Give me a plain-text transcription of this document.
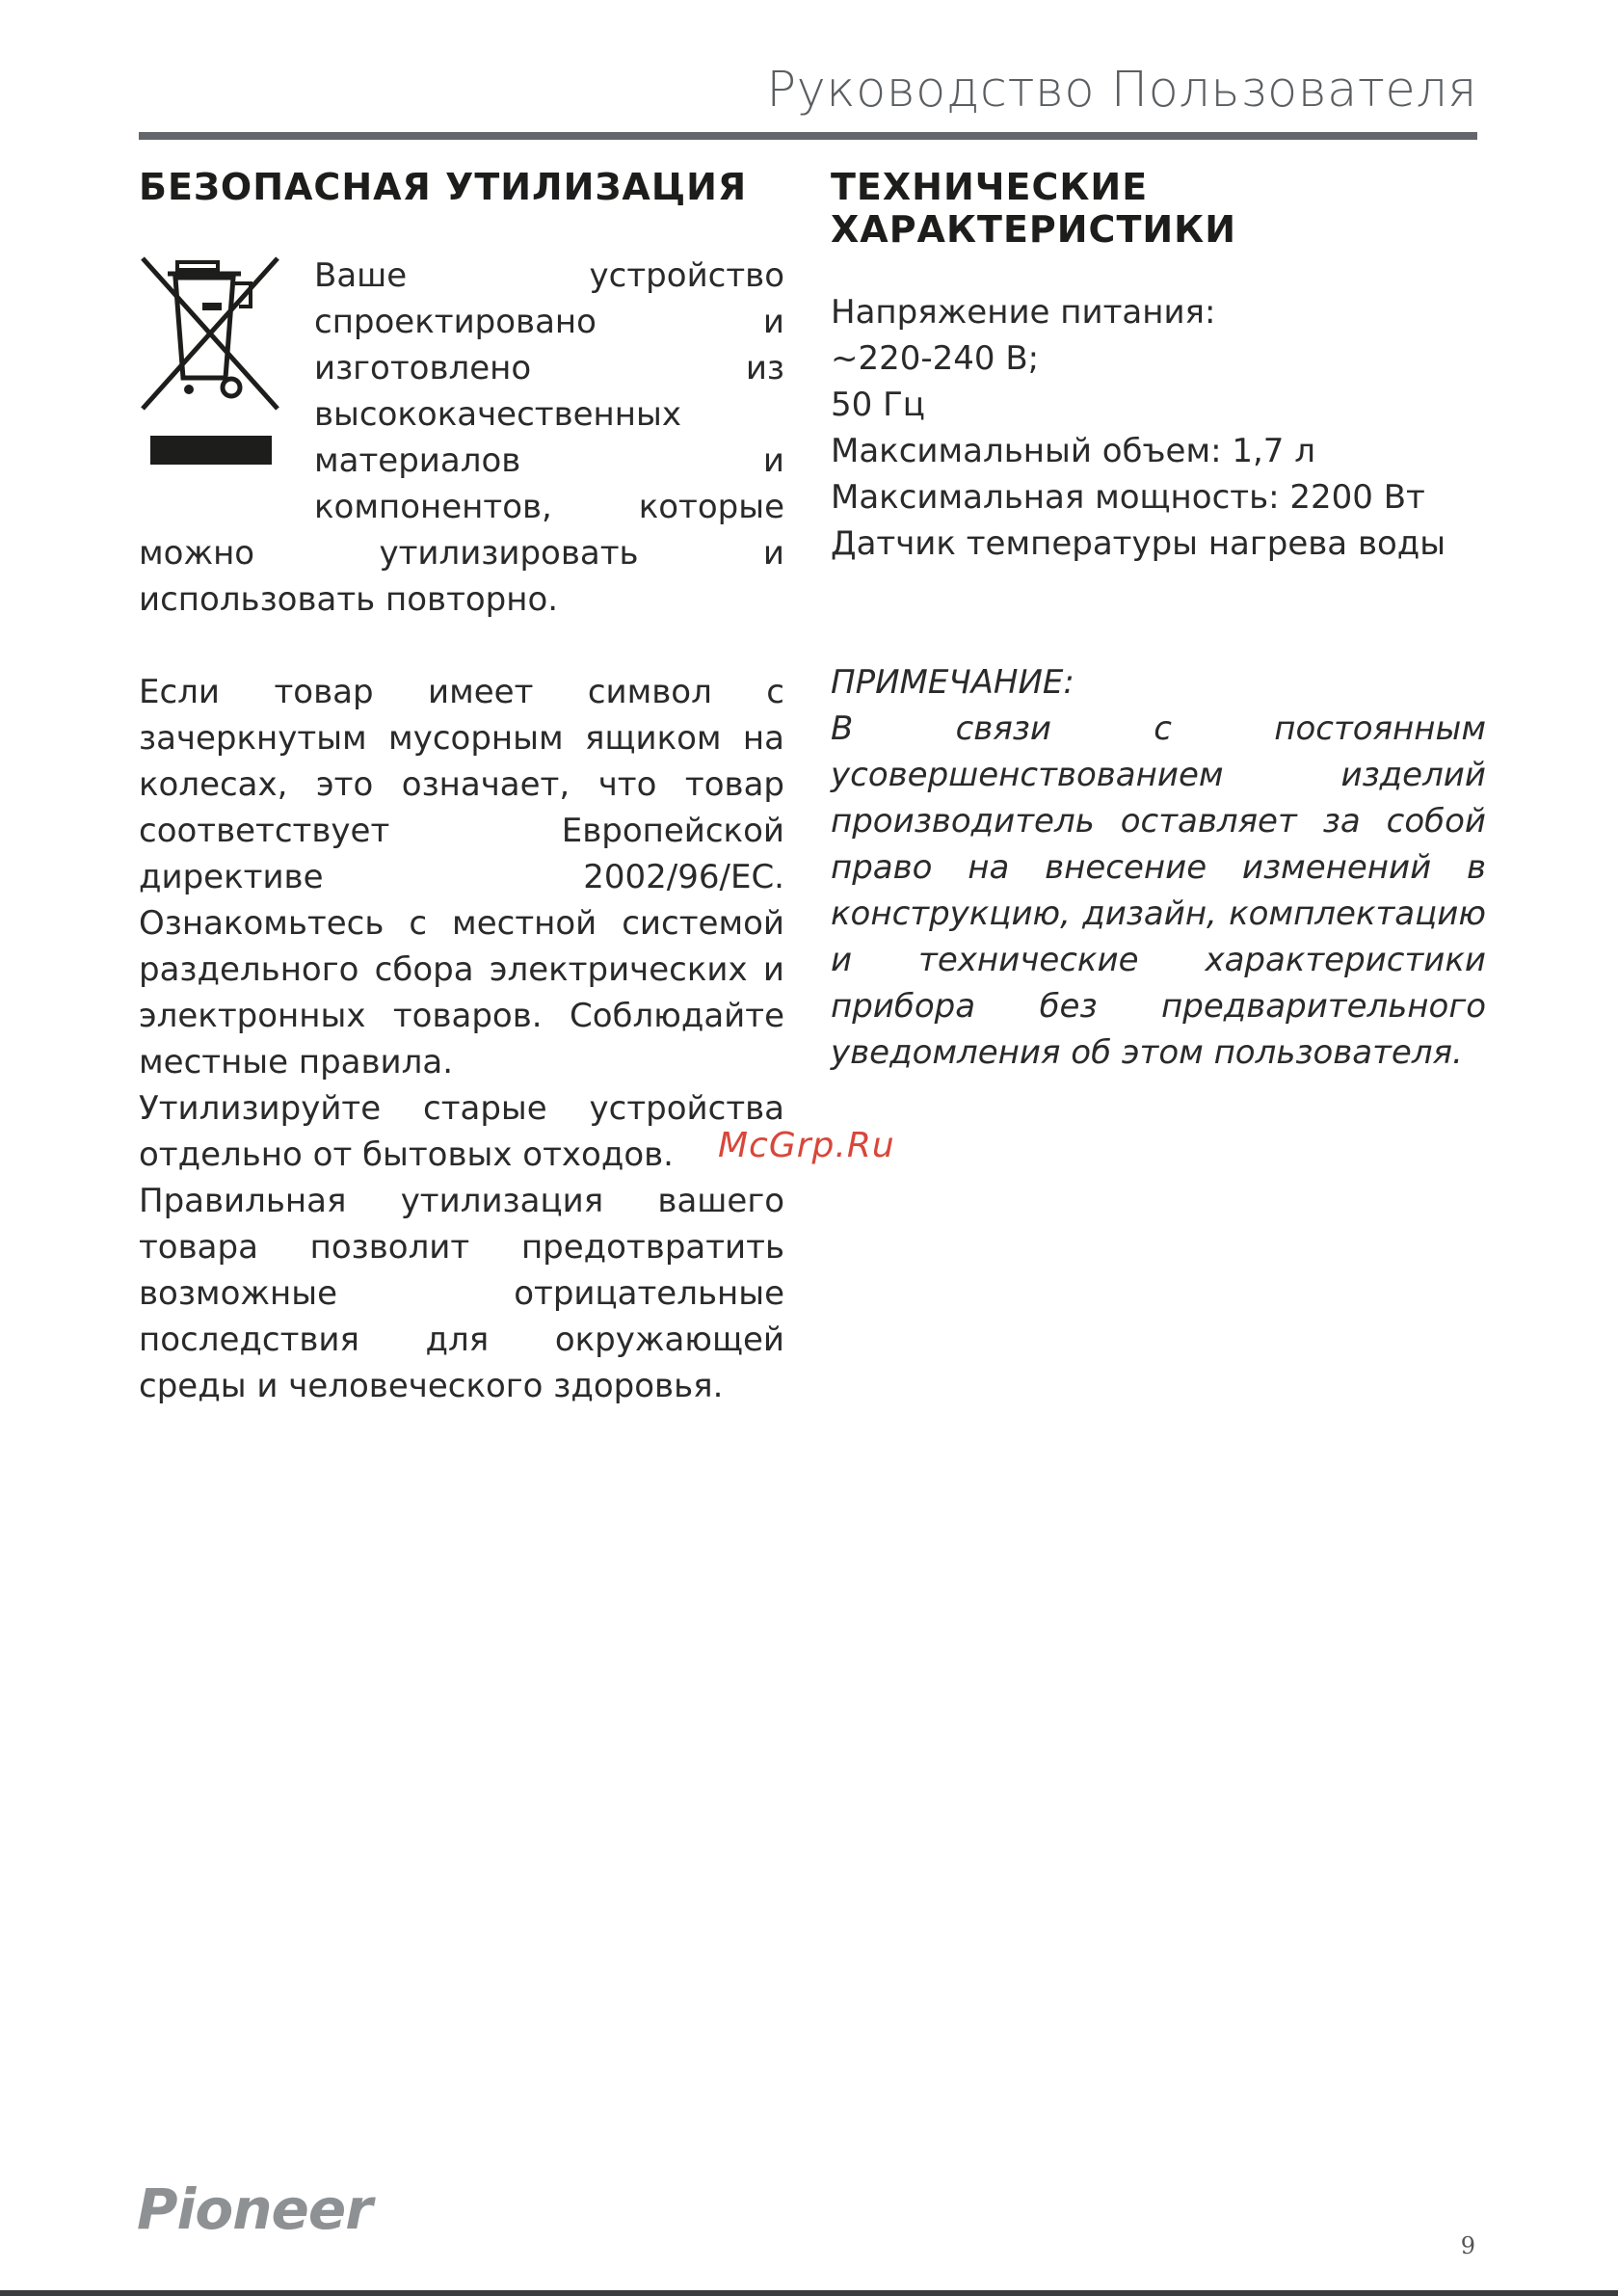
Руководство Пользователя
БЕЗОПАСНАЯ УТИЛИЗАЦИЯ

Ваше устройство спроектировано и изготовлено из высококачественных материалов и компонентов, которые можно утилизировать и использовать повторно.

Если товар имеет символ с зачеркнутым мусорным ящиком на колесах, это означает, что товар соответствует Европейской директиве 2002/96/ЕС. Ознакомьтесь с местной системой раздельного сбора электрических и электронных товаров. Соблюдайте местные правила.

Утилизируйте старые устройства отдельно от бытовых отходов.

Правильная утилизация вашего товара позволит предотвратить возможные отрицательные последствия для окружающей среды и человеческого здоровья.

ТЕХНИЧЕСКИЕ
ХАРАКТЕРИСТИКИ
Напряжение питания:
~220-240 В;
50 Гц
Максимальный объем: 1,7 л
Максимальная мощность: 2200 Вт
Датчик температуры нагрева воды

ПРИМЕЧАНИЕ:

В связи с постоянным усовершенствованием изделий производитель оставляет за собой право на внесение изменений в конструкцию, дизайн, комплектацию и технические характеристики прибора без предварительного уведомления об этом пользователя.

McGrp.Ru
Pioneer
9
